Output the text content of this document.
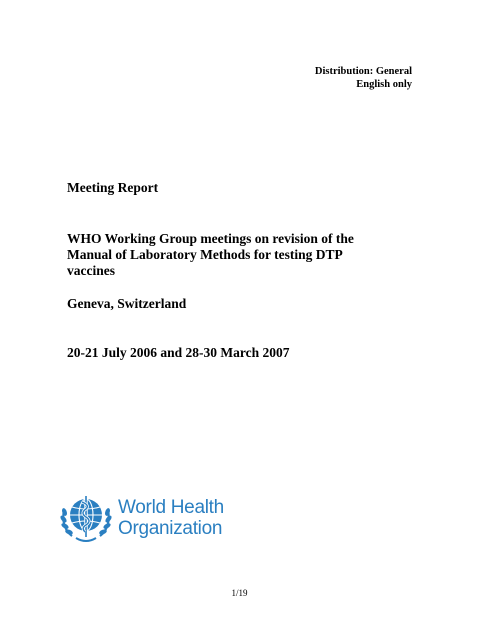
Distribution: General
English only
Meeting Report
WHO Working Group meetings on revision of the
Manual of Laboratory Methods for testing DTP
vaccines
Geneva, Switzerland
20-21 July 2006 and 28-30 March 2007
World Health
Organization
1/19
